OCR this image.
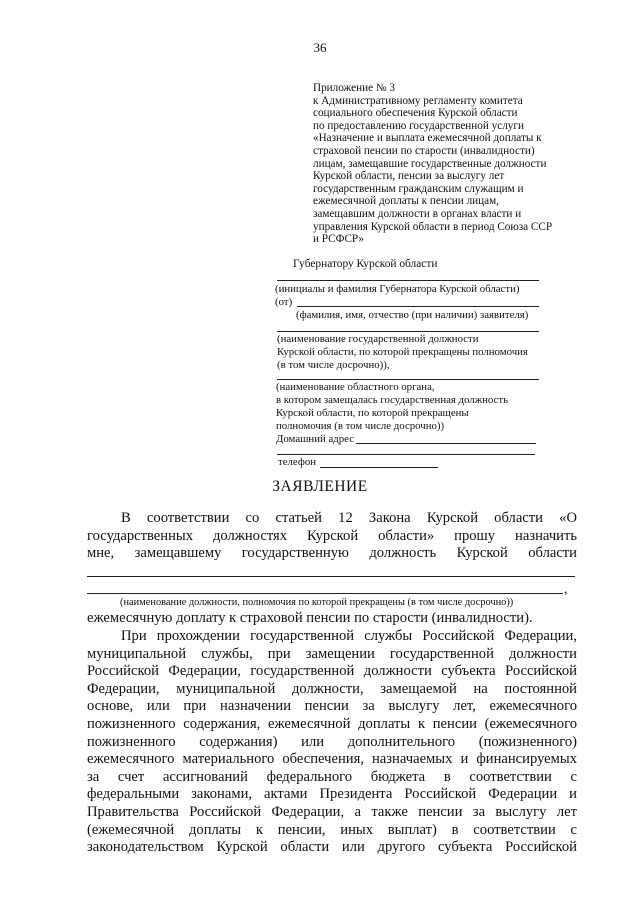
36
Приложение № 3
к Административному регламенту комитета
социального обеспечения Курской области
по предоставлению государственной услуги
«Назначение и выплата ежемесячной доплаты к
страховой пенсии по старости (инвалидности)
лицам, замещавшие государственные должности
Курской области, пенсии за выслугу лет
государственным гражданским служащим и
ежемесячной доплаты к пенсии лицам,
замещавшим должности в органах власти и
управления Курской области в период Союза ССР
и РСФСР»
Губернатору Курской области
(инициалы и фамилия Губернатора Курской области)
(от)
(фамилия, имя, отчество (при наличии) заявителя)
(наименование государственной должности
Курской области, по которой прекращены полномочия
(в том числе досрочно)),
(наименование областного органа,
в котором замещалась государственная должность
Курской области, по которой прекращены
полномочия (в том числе досрочно))
Домашний адрес
телефон
ЗАЯВЛЕНИЕ
В соответствии со статьей 12 Закона Курской области «О
государственных должностях Курской области» прошу назначить
мне, замещавшему государственную должность Курской области
,
(наименование должности, полномочия по которой прекращены (в том числе досрочно))
ежемесячную доплату к страховой пенсии по старости (инвалидности).
При прохождении государственной службы Российской Федерации,
муниципальной службы, при замещении государственной должности
Российской Федерации, государственной должности субъекта Российской
Федерации, муниципальной должности, замещаемой на постоянной
основе, или при назначении пенсии за выслугу лет, ежемесячного
пожизненного содержания, ежемесячной доплаты к пенсии (ежемесячного
пожизненного содержания) или дополнительного (пожизненного)
ежемесячного материального обеспечения, назначаемых и финансируемых
за счет ассигнований федерального бюджета в соответствии с
федеральными законами, актами Президента Российской Федерации и
Правительства Российской Федерации, а также пенсии за выслугу лет
(ежемесячной доплаты к пенсии, иных выплат) в соответствии с
законодательством Курской области или другого субъекта Российской
